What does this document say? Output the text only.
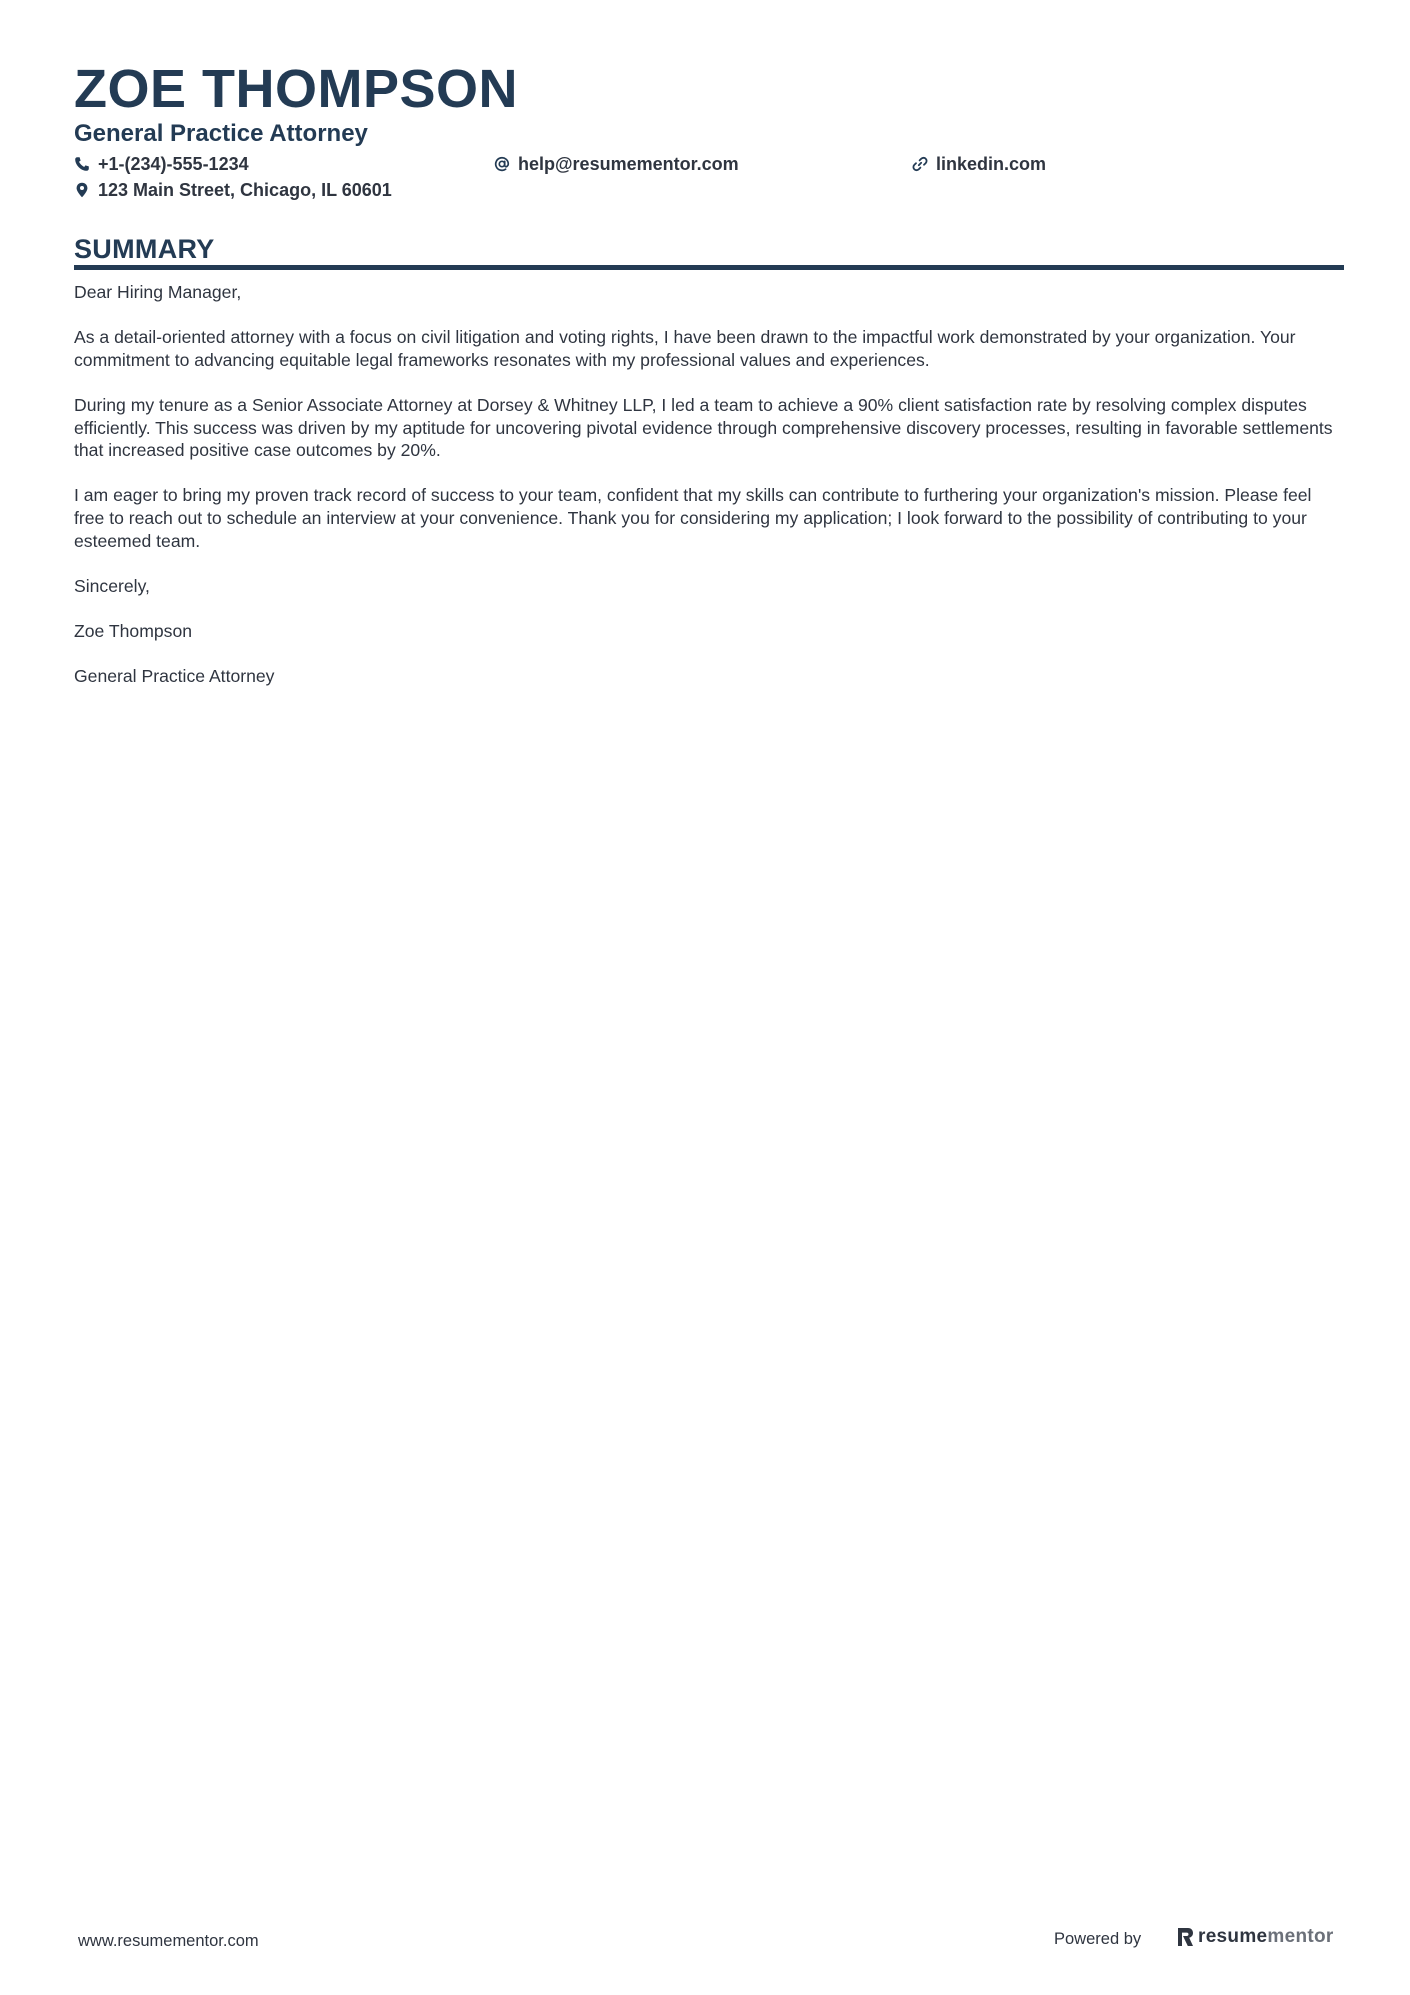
ZOE THOMPSON
General Practice Attorney
+1-(234)-555-1234	help@resumementor.com	linkedin.com
123 Main Street, Chicago, IL 60601
SUMMARY

Dear Hiring Manager,

As a detail-oriented attorney with a focus on civil litigation and voting rights, I have been drawn to the impactful work demonstrated by your organization. Your commitment to advancing equitable legal frameworks resonates with my professional values and experiences.

During my tenure as a Senior Associate Attorney at Dorsey & Whitney LLP, I led a team to achieve a 90% client satisfaction rate by resolving complex disputes efficiently. This success was driven by my aptitude for uncovering pivotal evidence through comprehensive discovery processes, resulting in favorable settlements that increased positive case outcomes by 20%.

I am eager to bring my proven track record of success to your team, confident that my skills can contribute to furthering your organization's mission. Please feel free to reach out to schedule an interview at your convenience. Thank you for considering my application; I look forward to the possibility of contributing to your esteemed team.

Sincerely,

Zoe Thompson

General Practice Attorney

www.resumementor.com	Powered by	resume mentor
